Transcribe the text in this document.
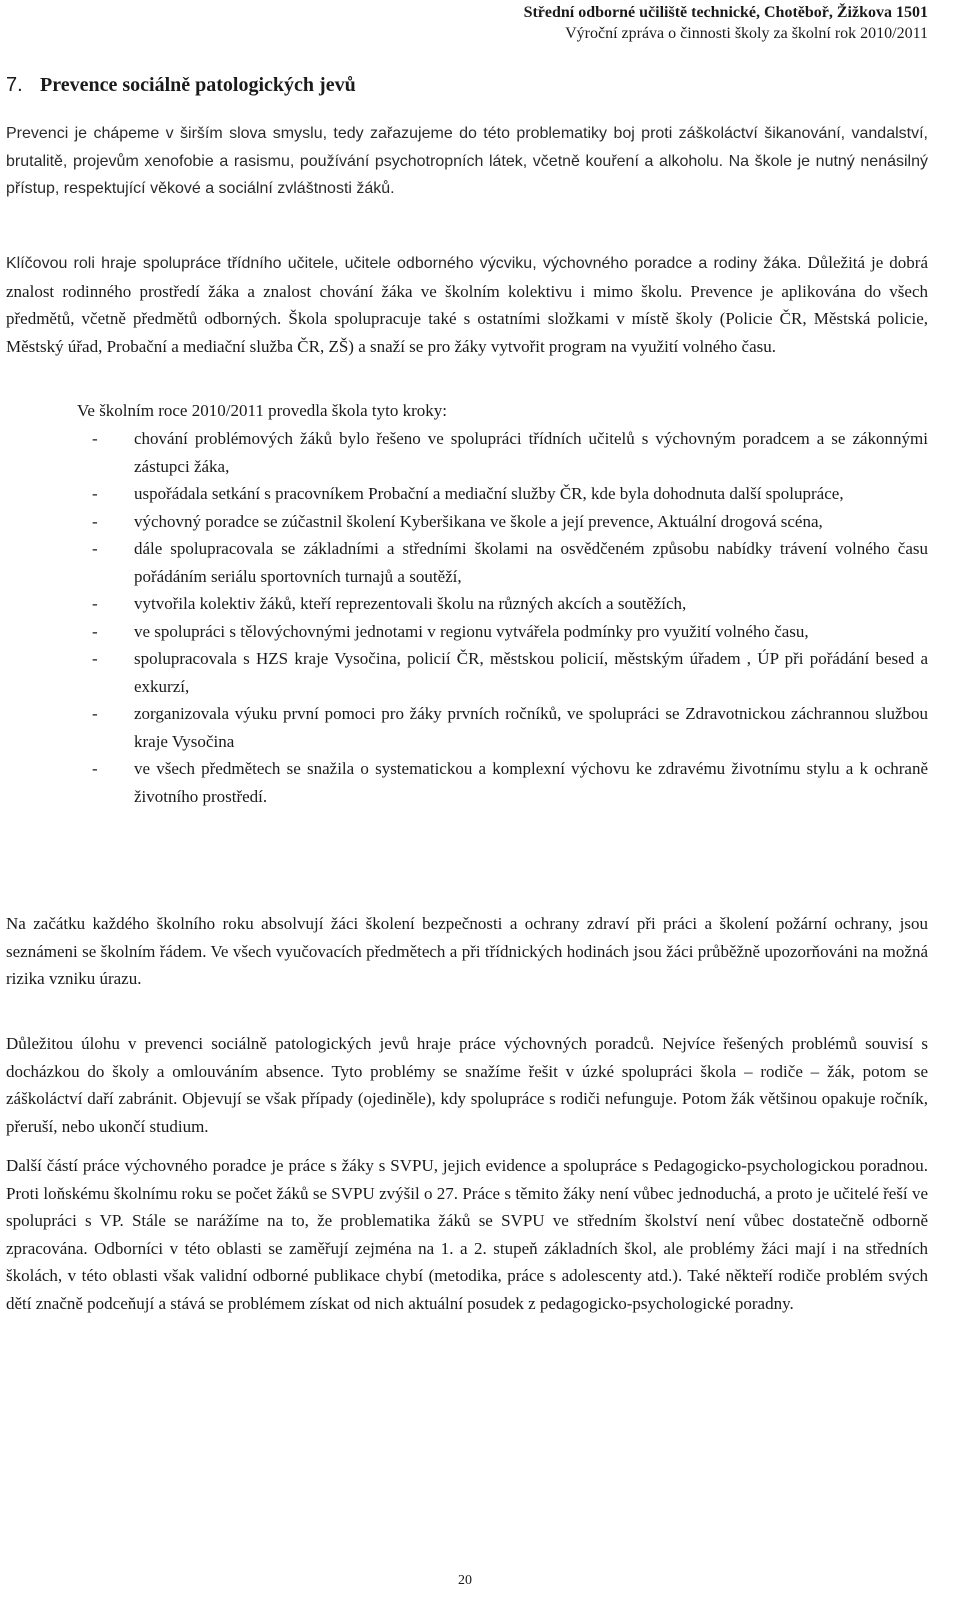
Střední odborné učiliště technické, Chotěboř, Žižkova 1501
Výroční zpráva o činnosti školy za školní rok 2010/2011
7. Prevence sociálně patologických jevů

Prevenci je chápeme v širším slova smyslu, tedy zařazujeme do této problematiky boj proti záškoláctví šikanování, vandalství, brutalitě, projevům xenofobie a rasismu, používání psychotropních látek, včetně kouření a alkoholu. Na škole je nutný nenásilný přístup, respektující věkové a sociální zvláštnosti žáků.

Klíčovou roli hraje spolupráce třídního učitele, učitele odborného výcviku, výchovného poradce a rodiny žáka. Důležitá je dobrá znalost rodinného prostředí žáka a znalost chování žáka ve školním kolektivu i mimo školu. Prevence je aplikována do všech předmětů, včetně předmětů odborných. Škola spolupracuje také s ostatními složkami v místě školy (Policie ČR, Městská policie, Městský úřad, Probační a mediační služba ČR, ZŠ) a snaží se pro žáky vytvořit program na využití volného času.

Ve školním roce 2010/2011 provedla škola tyto kroky:

- chování problémových žáků bylo řešeno ve spolupráci třídních učitelů s výchovným poradcem a se zákonnými zástupci žáka,
- uspořádala setkání s pracovníkem Probační a mediační služby ČR, kde byla dohodnuta další spolupráce,
- výchovný poradce se zúčastnil školení Kyberšikana ve škole a její prevence, Aktuální drogová scéna,
- dále spolupracovala se základními a středními školami na osvědčeném způsobu nabídky trávení volného času pořádáním seriálu sportovních turnajů a soutěží,
- vytvořila kolektiv žáků, kteří reprezentovali školu na různých akcích a soutěžích,
- ve spolupráci s tělovýchovnými jednotami v regionu vytvářela podmínky pro využití volného času,
- spolupracovala s HZS kraje Vysočina, policií ČR, městskou policií, městským úřadem , ÚP při pořádání besed a exkurzí,
- zorganizovala výuku první pomoci pro žáky prvních ročníků, ve spolupráci se Zdravotnickou záchrannou službou kraje Vysočina
- ve všech předmětech se snažila o systematickou a komplexní výchovu ke zdravému životnímu stylu a k ochraně životního prostředí.

Na začátku každého školního roku absolvují žáci školení bezpečnosti a ochrany zdraví při práci a školení požární ochrany, jsou seznámeni se školním řádem. Ve všech vyučovacích předmětech a při třídnických hodinách jsou žáci průběžně upozorňováni na možná rizika vzniku úrazu.

Důležitou úlohu v prevenci sociálně patologických jevů hraje práce výchovných poradců. Nejvíce řešených problémů souvisí s docházkou do školy a omlouváním absence. Tyto problémy se snažíme řešit v úzké spolupráci škola – rodiče – žák, potom se záškoláctví daří zabránit. Objevují se však případy (ojediněle), kdy spolupráce s rodiči nefunguje. Potom žák většinou opakuje ročník, přeruší, nebo ukončí studium.

Další částí práce výchovného poradce je práce s žáky s SVPU, jejich evidence a spolupráce s Pedagogicko-psychologickou poradnou. Proti loňskému školnímu roku se počet žáků se SVPU zvýšil o 27. Práce s těmito žáky není vůbec jednoduchá, a proto je učitelé řeší ve spolupráci s VP. Stále se narážíme na to, že problematika žáků se SVPU ve středním školství není vůbec dostatečně odborně zpracována. Odborníci v této oblasti se zaměřují zejména na 1. a 2. stupeň základních škol, ale problémy žáci mají i na středních školách, v této oblasti však validní odborné publikace chybí (metodika, práce s adolescenty atd.). Také někteří rodiče problém svých dětí značně podceňují a stává se problémem získat od nich aktuální posudek z pedagogicko-psychologické poradny.

20
